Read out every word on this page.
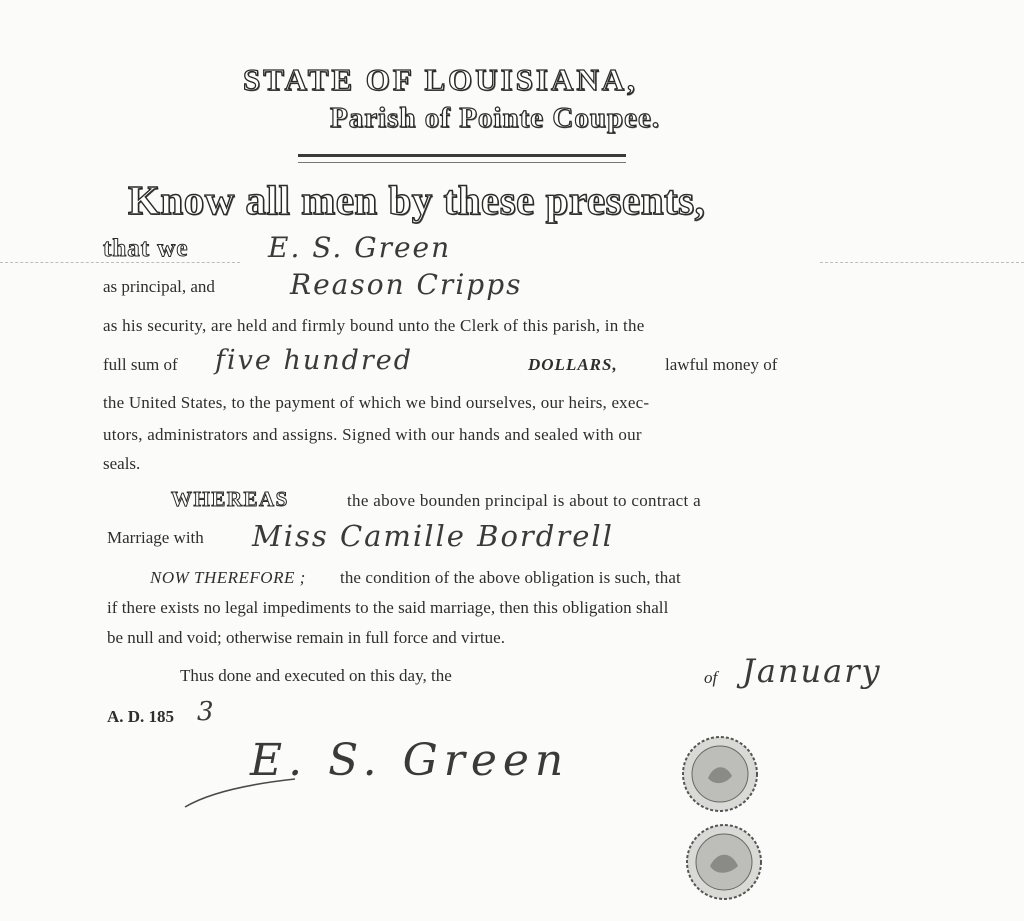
STATE OF LOUISIANA,
Parish of Pointe Coupee.
Know all men by these presents,
that we	E. S. Green
as principal, and	Reason Cripps
as his security, are held and firmly bound unto the Clerk of this parish, in the
full sum of five hundred	DOLLARS,	lawful money of
the United States, to the payment of which we bind ourselves, our heirs, exec-
utors, administrators and assigns. Signed with our hands and sealed with our
seals.
WHEREAS	the above bounden principal is about to contract a
Marriage with Miss Camille Bordrell
NOW THEREFORE ; the condition of the above obligation is such, that
if there exists no legal impediments to the said marriage, then this obligation shall
be null and void; otherwise remain in full force and virtue.
Thus done and executed on this day, the	of January
A. D. 185 3
E. S. Green
